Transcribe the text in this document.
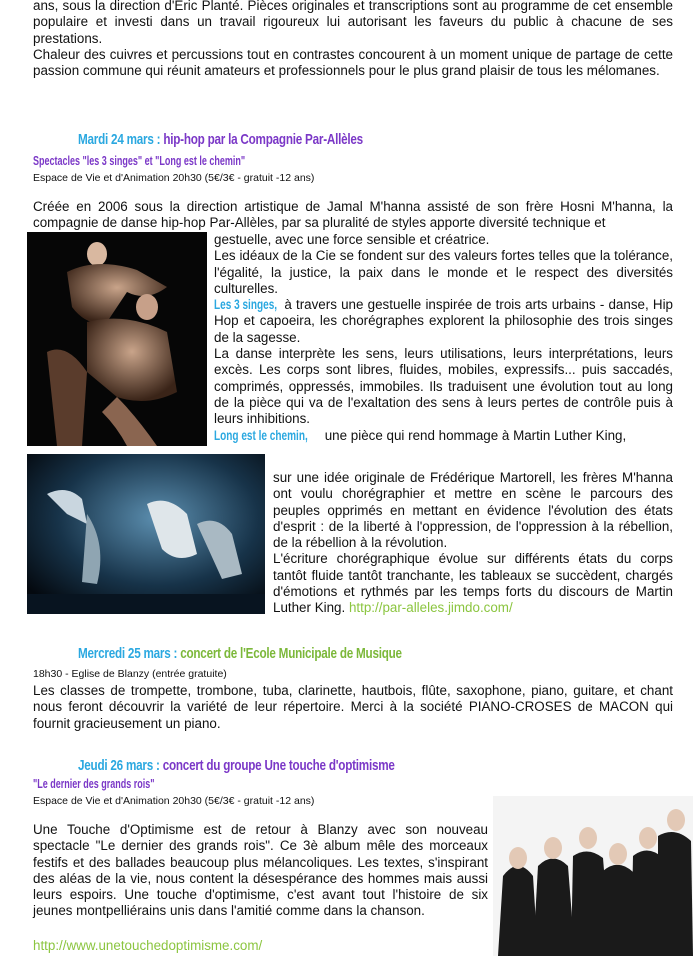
ans, sous la direction d'Eric Planté. Pièces originales et transcriptions sont au programme de cet ensemble populaire et investi dans un travail rigoureux lui autorisant les faveurs du public à chacune de ses prestations.

Chaleur des cuivres et percussions tout en contrastes concourent à un moment unique de partage de cette passion commune qui réunit amateurs et professionnels pour le plus grand plaisir de tous les mélomanes.

Mardi 24 mars : hip-hop par la Compagnie Par-Allèles
Spectacles "les 3 singes" et "Long est le chemin"
Espace de Vie et d'Animation 20h30 (5€/3€ - gratuit -12 ans)

Créée en 2006 sous la direction artistique de Jamal M'hanna assisté de son frère Hosni M'hanna, la compagnie de danse hip-hop Par-Allèles, par sa pluralité de styles apporte diversité technique et

gestuelle, avec une force sensible et créatrice.

Les idéaux de la Cie se fondent sur des valeurs fortes telles que la tolérance, l'égalité, la justice, la paix dans le monde et le respect des diversités culturelles.

Les 3 singes, à travers une gestuelle inspirée de trois arts urbains - danse, Hip Hop et capoeira, les chorégraphes explorent la philosophie des trois singes de la sagesse.

La danse interprète les sens, leurs utilisations, leurs interprétations, leurs excès. Les corps sont libres, fluides, mobiles, expressifs... puis saccadés, comprimés, oppressés, immobiles. Ils traduisent une évolution tout au long de la pièce qui va de l'exaltation des sens à leurs pertes de contrôle puis à leurs inhibitions.

Long est le chemin, une pièce qui rend hommage à Martin Luther King,

sur une idée originale de Frédérique Martorell, les frères M'hanna ont voulu chorégraphier et mettre en scène le parcours des peuples opprimés en mettant en évidence l'évolution des états d'esprit : de la liberté à l'oppression, de l'oppression à la rébellion, de la rébellion à la révolution.

L'écriture chorégraphique évolue sur différents états du corps tantôt fluide tantôt tranchante, les tableaux se succèdent, chargés d'émotions et rythmés par les temps forts du discours de Martin Luther King. http://par-alleles.jimdo.com/

Mercredi 25 mars : concert de l'Ecole Municipale de Musique
18h30 - Eglise de Blanzy (entrée gratuite)

Les classes de trompette, trombone, tuba, clarinette, hautbois, flûte, saxophone, piano, guitare, et chant nous feront découvrir la variété de leur répertoire. Merci à la société PIANO-CROSES de MACON qui fournit gracieusement un piano.

Jeudi 26 mars : concert du groupe Une touche d'optimisme
"Le dernier des grands rois"
Espace de Vie et d'Animation 20h30 (5€/3€ - gratuit -12 ans)

Une Touche d'Optimisme est de retour à Blanzy avec son nouveau spectacle "Le dernier des grands rois". Ce 3è album mêle des morceaux festifs et des ballades beaucoup plus mélancoliques. Les textes, s'inspirant des aléas de la vie, nous content la désespérance des hommes mais aussi leurs espoirs. Une touche d'optimisme, c'est avant tout l'histoire de six jeunes montpelliérains unis dans l'amitié comme dans la chanson.

http://www.unetouchedoptimisme.com/
